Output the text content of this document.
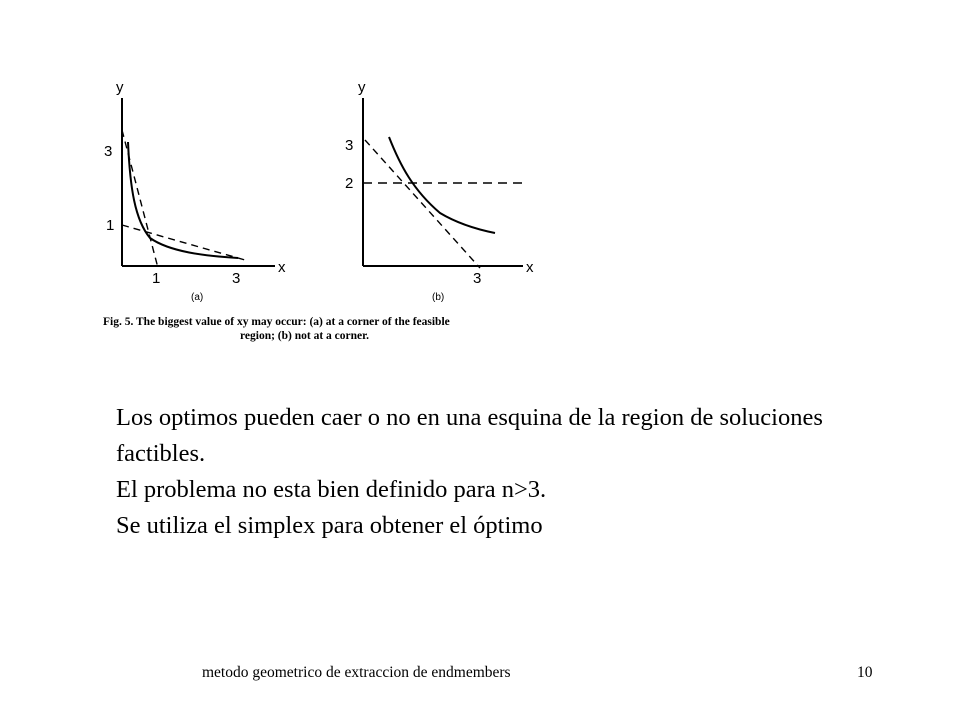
y
x
3
1
1	3
(a)
y
x
3
2
3
(b)
Fig. 5. The biggest value of xy may occur: (a) at a corner of the feasible
region; (b) not at a corner.

Los optimos pueden caer o no en una esquina de la region de soluciones factibles.

El problema no esta bien definido para n>3.

Se utiliza el simplex para obtener el óptimo

metodo geometrico de extraccion de endmembers	10
